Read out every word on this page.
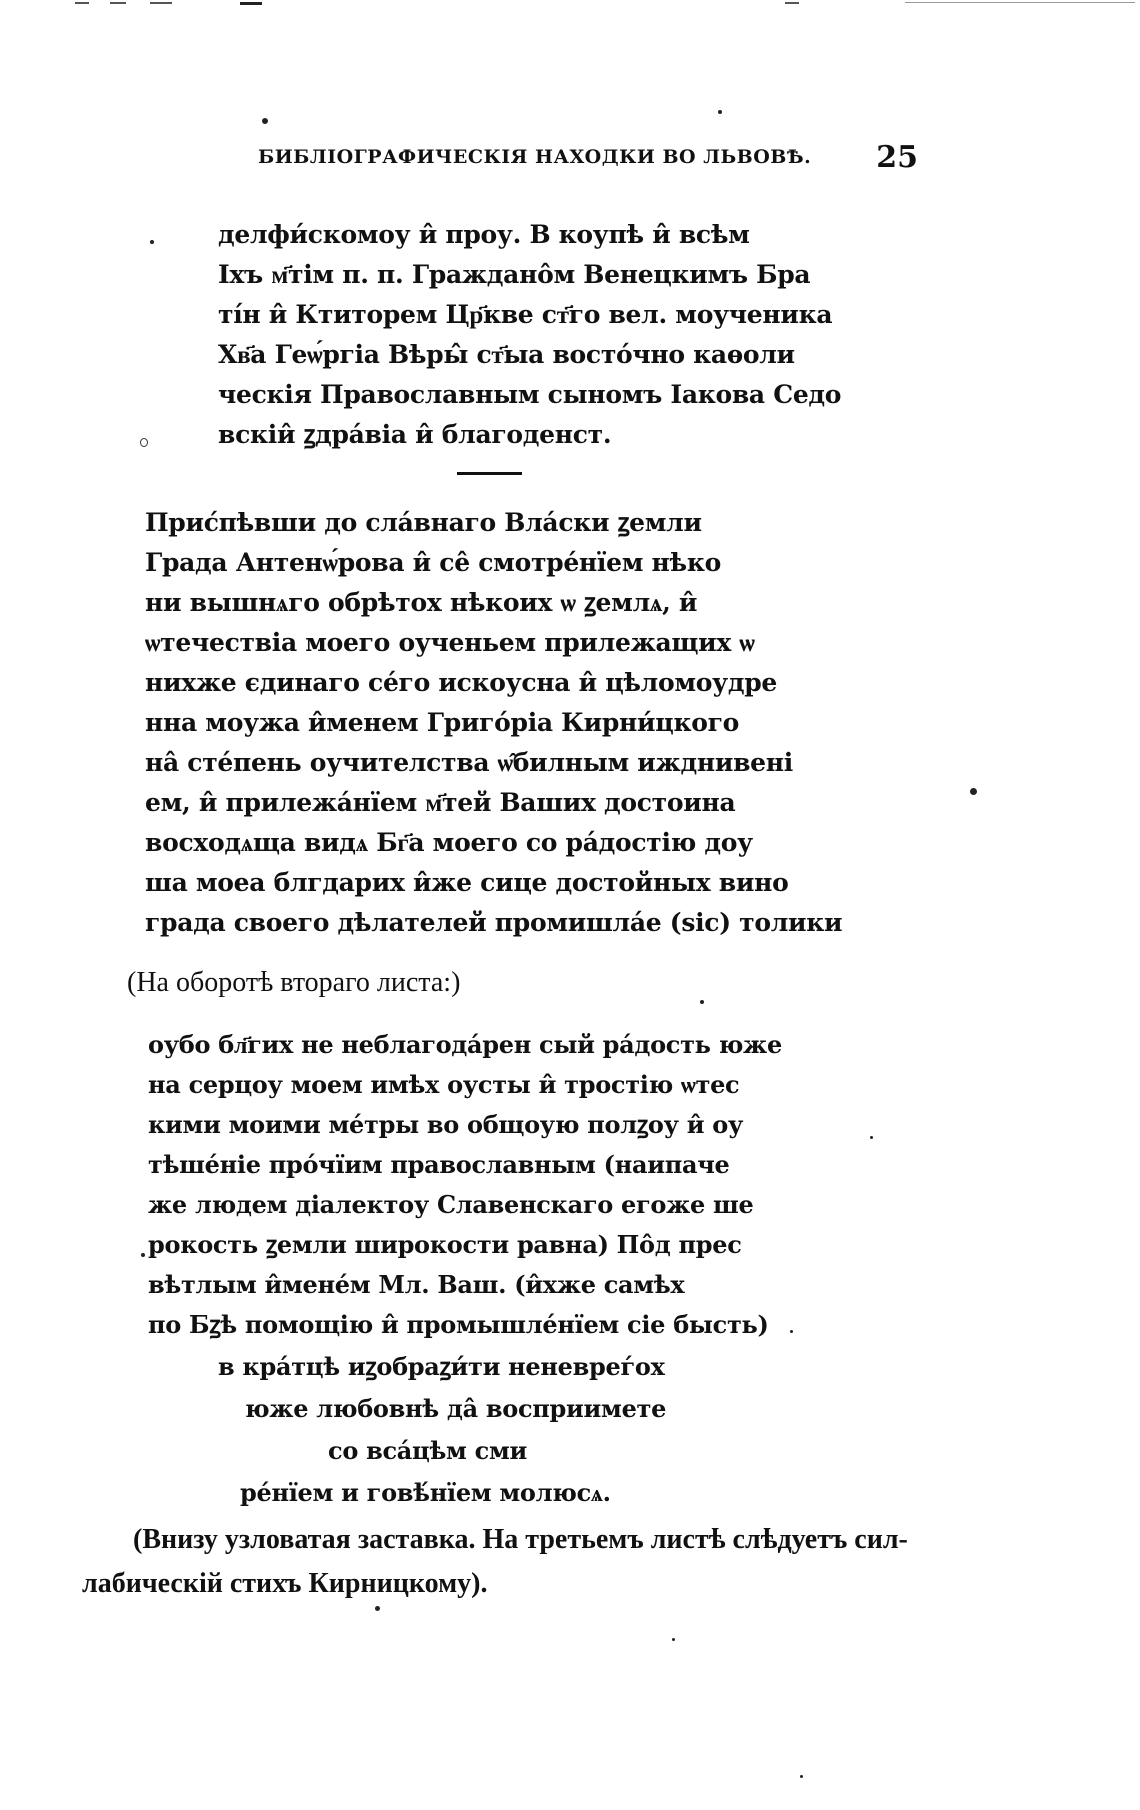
БИБЛІОГРАФИЧЕСКІЯ НАХОДКИ ВО ЛЬВОВѢ. 25
делфи́скомоу и̂ проу. В коупѣ и̂ всѣм
Іхъ м҃тім п. п. Граждано̂м Венецкимъ Бра
ті́н и̂ Ктиторем Цр҃кве ст҃го вел. моученика
Хв҃а Геѡ́ргіа Вѣры̂ ст҃ыа восто́чно каѳоли
ческія Православным сыномъ Іакова Седо
вскіи̂ ꙁдра́віа и̂ благоденст.
Прис́пѣвши до сла́внаго Вла́ски ꙁемли
Града Антенѡ́рова и̂ се̂ смотре́нїем нѣко
ни вышнѧго обрѣтох нѣкоих ѡ ꙁемлѧ, и̂
ѡтечествіа моего оученьем прилежащих ѡ
нихже єдинаго се́го искоусна и̂ цѣломоудре
нна моужа и̂менем Григо́ріа Кирни́цкого
на̂ сте́пень оучителства ѡ̂билным ижднивені
ем, и̂ прилежа́нїем м҃тей Ваших достоина
восходѧща видѧ Бг҃а моего со ра́достію доу
ша моеа блгдарих и̂же сице достойных вино
града своего дѣлателей промишла́е (sic) толики
(На оборотѣ втораго листа:)
оубо бл҃гих не неблагода́рен сый ра́дость юже
на серцоу моем имѣх оусты и̂ тростію ѡтес
кими моими ме́тры во общоую полꙁоу и̂ оу
тѣше́ніе про́чїим православным (наипаче
же людем діалектоу Славенскаго егоже ше
рокость ꙁемли широкости равна) По̂д прес
вѣтлым и̂мене́м Мл. Ваш. (и̂хже самѣх
по Бꙁѣ помощію и̂ промышле́нїем сіе бысть)
в кра́тцѣ иꙁобраꙁи́ти неневреѓох
юже любовнѣ да̂ восприимете
со вса́цѣм сми
ре́нїем и говѣ́нїем молюсѧ.
(Внизу узловатая заставка. На третьемъ листѣ слѣдуетъ сил-
лабическій стихъ Кирницкому).
